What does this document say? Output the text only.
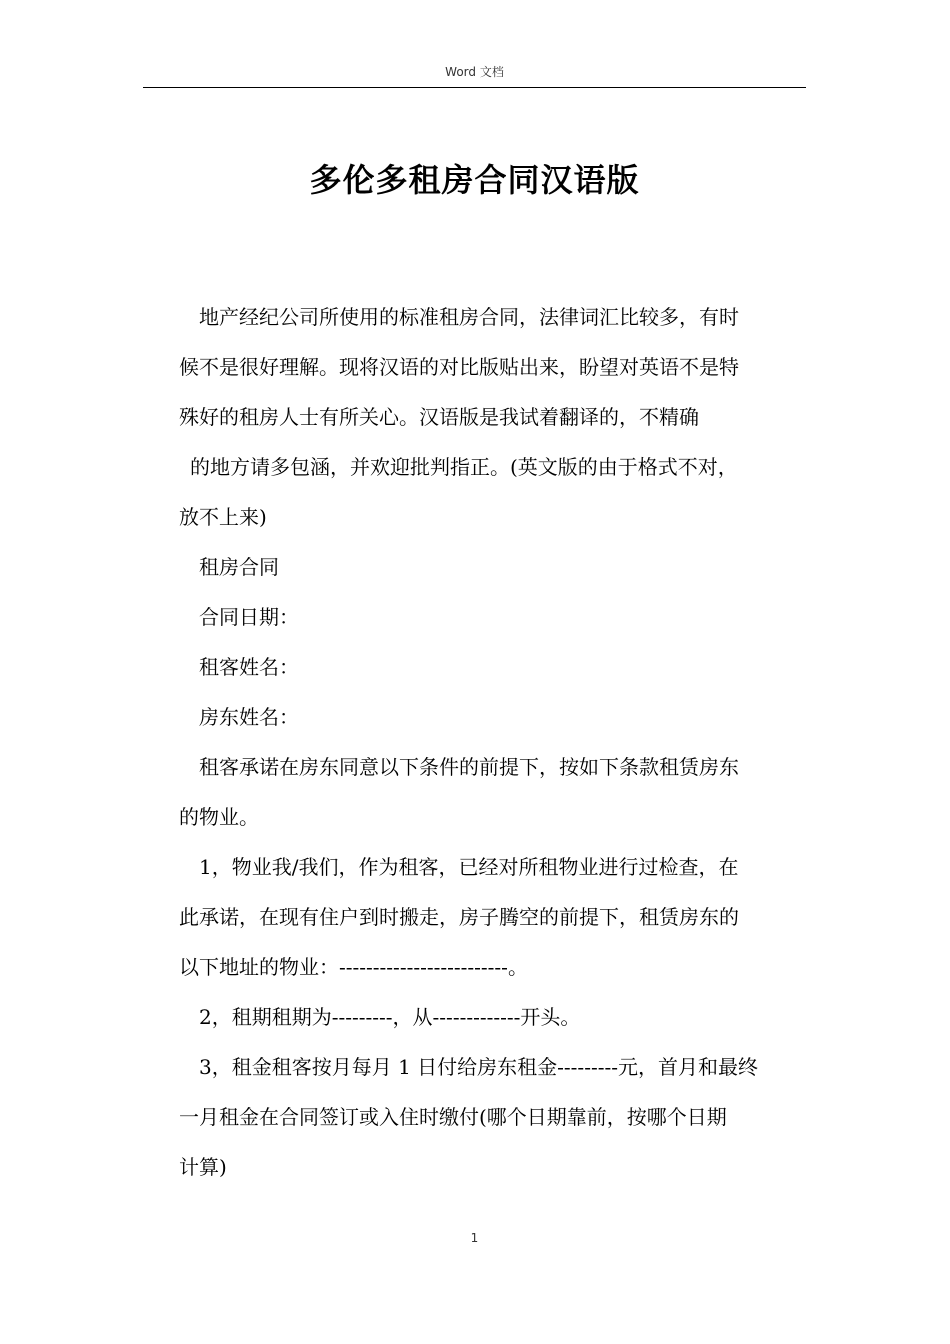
Word 文档
多伦多租房合同汉语版
地产经纪公司所使用的标准租房合同，法律词汇比较多，有时
候不是很好理解。现将汉语的对比版贴出来，盼望对英语不是特
殊好的租房人士有所关心。汉语版是我试着翻译的，不精确
的地方请多包涵，并欢迎批判指正。(英文版的由于格式不对，
放不上来)
租房合同
合同日期：
租客姓名：
房东姓名：
租客承诺在房东同意以下条件的前提下，按如下条款租赁房东
的物业。
1，物业我/我们，作为租客，已经对所租物业进行过检查，在
此承诺，在现有住户到时搬走，房子腾空的前提下，租赁房东的
以下地址的物业：-------------------------。
2，租期租期为---------，从-------------开头。
3，租金租客按月每月 1 日付给房东租金---------元，首月和最终
一月租金在合同签订或入住时缴付(哪个日期靠前，按哪个日期
计算)
1
